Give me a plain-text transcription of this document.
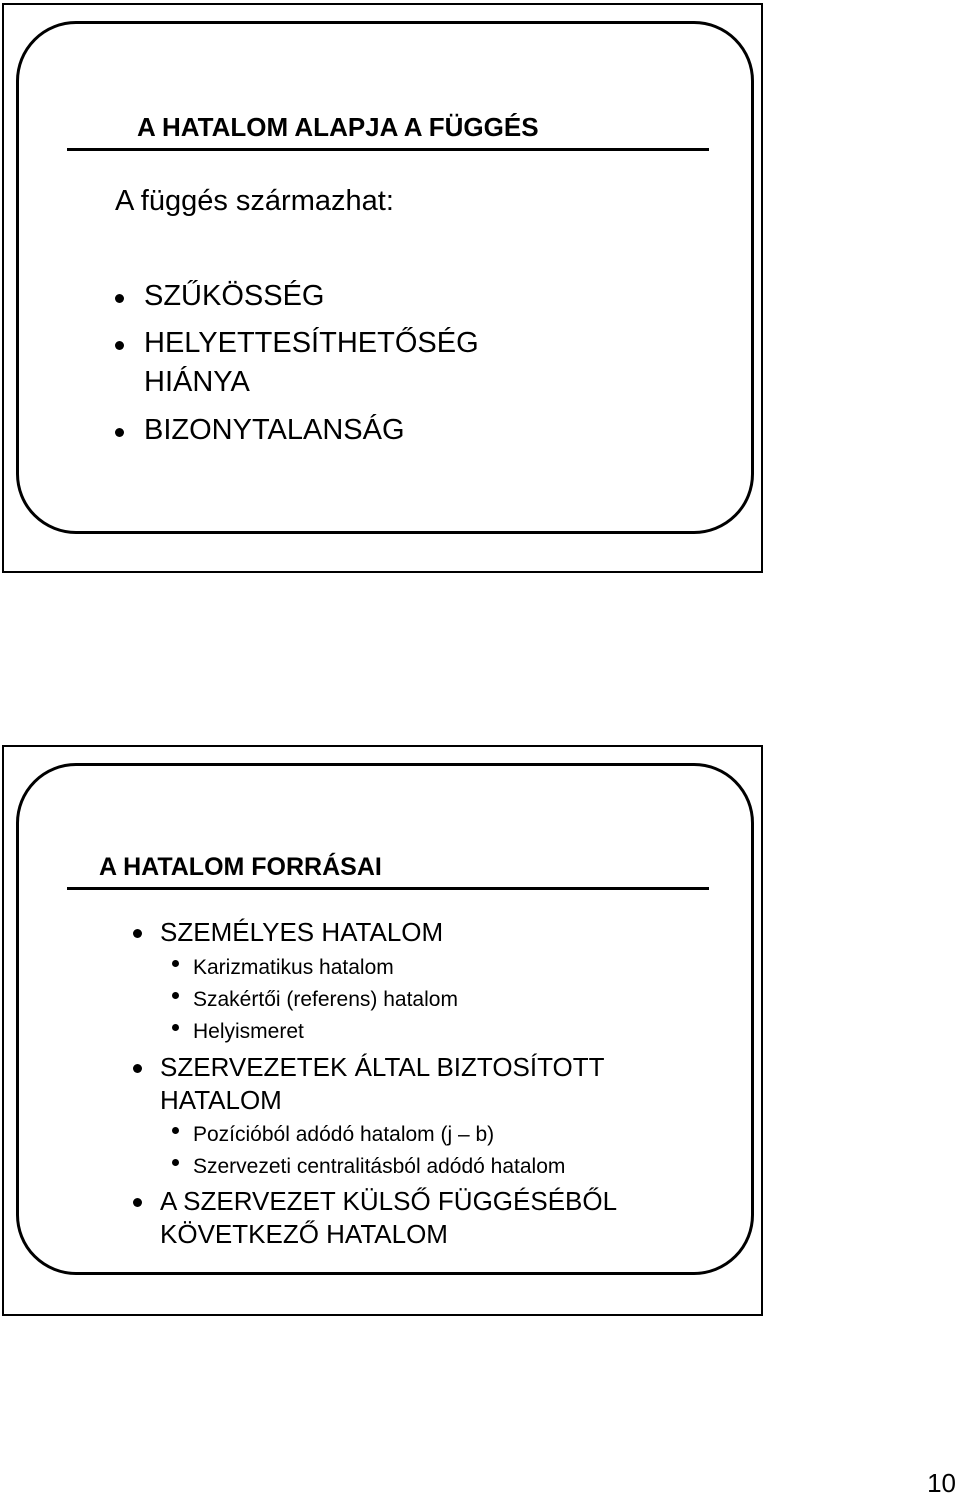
A HATALOM ALAPJA A FÜGGÉS
A függés származhat:
SZŰKÖSSÉG
HELYETTESÍTHETŐSÉG
HIÁNYA
BIZONYTALANSÁG
A HATALOM FORRÁSAI
SZEMÉLYES HATALOM
Karizmatikus hatalom
Szakértői (referens) hatalom
Helyismeret
SZERVEZETEK ÁLTAL BIZTOSÍTOTT
HATALOM
Pozícióból adódó hatalom (j – b)
Szervezeti centralitásból adódó hatalom
A SZERVEZET KÜLSŐ FÜGGÉSÉBŐL
KÖVETKEZŐ HATALOM
10
